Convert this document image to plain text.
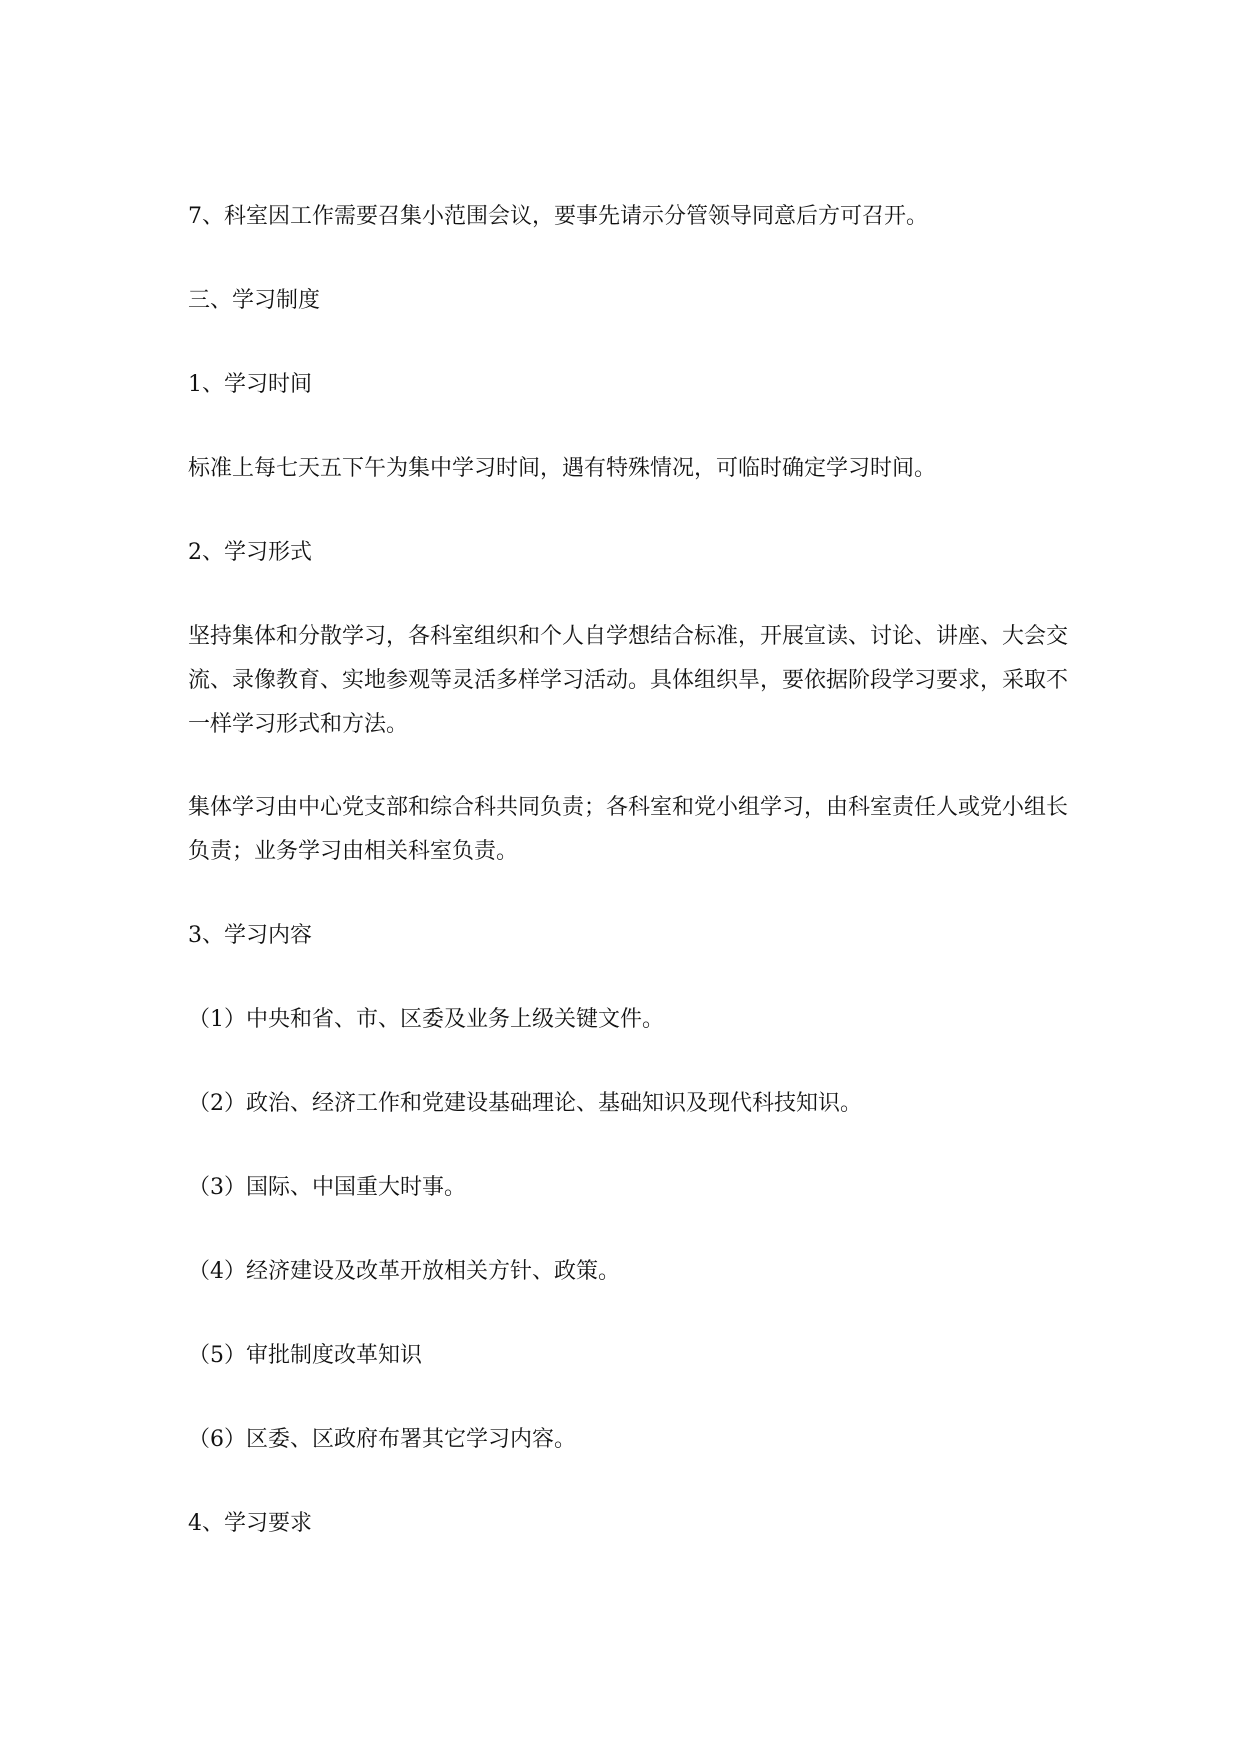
7、科室因工作需要召集小范围会议，要事先请示分管领导同意后方可召开。

三、学习制度

1、学习时间

标准上每七天五下午为集中学习时间，遇有特殊情况，可临时确定学习时间。

2、学习形式

坚持集体和分散学习，各科室组织和个人自学想结合标准，开展宣读、讨论、讲座、大会交流、录像教育、实地参观等灵活多样学习活动。具体组织旱，要依据阶段学习要求，采取不一样学习形式和方法。

集体学习由中心党支部和综合科共同负责；各科室和党小组学习，由科室责任人或党小组长负责；业务学习由相关科室负责。

3、学习内容

（1）中央和省、市、区委及业务上级关键文件。

（2）政治、经济工作和党建设基础理论、基础知识及现代科技知识。

（3）国际、中国重大时事。

（4）经济建设及改革开放相关方针、政策。

（5）审批制度改革知识

（6）区委、区政府布署其它学习内容。

4、学习要求
